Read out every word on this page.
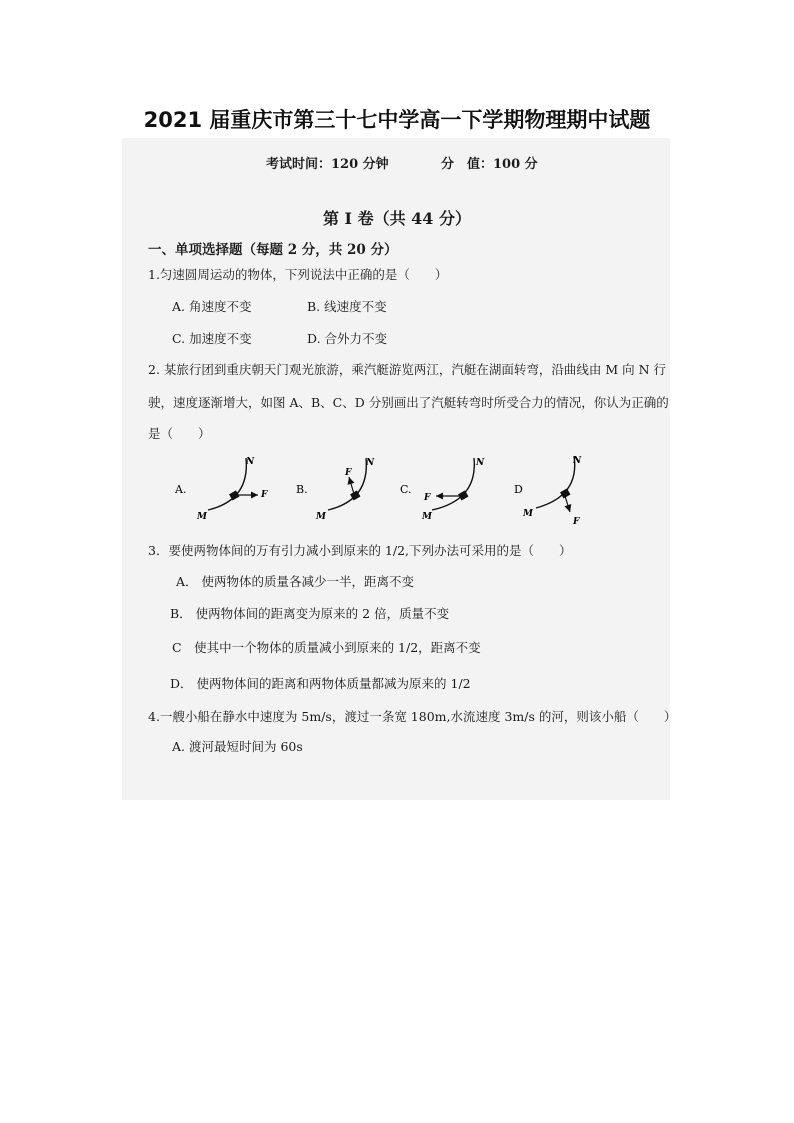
2021 届重庆市第三十七中学高一下学期物理期中试题
考试时间：120 分钟	分　值：100 分
第 I 卷（共 44 分）
一、单项选择题（每题 2 分，共 20 分）
1.匀速圆周运动的物体，下列说法中正确的是（　　）
A. 角速度不变	B. 线速度不变
C. 加速度不变	D. 合外力不变
2. 某旅行团到重庆朝天门观光旅游，乘汽艇游览两江，汽艇在湖面转弯，沿曲线由 M 向 N 行
驶，速度逐渐增大，如图 A、B、C、D 分别画出了汽艇转弯时所受合力的情况，你认为正确的
是（　　）
A.
M
N
F	B.
M
N
F
C.
M
N
F
D
M
N
F
3．要使两物体间的万有引力减小到原来的 1/2,下列办法可采用的是（　　）
A． 使两物体的质量各减少一半，距离不变
B． 使两物体间的距离变为原来的 2 倍，质量不变
C  使其中一个物体的质量减小到原来的 1/2，距离不变
D． 使两物体间的距离和两物体质量都减为原来的 1/2
4.一艘小船在静水中速度为 5m/s，渡过一条宽 180m,水流速度 3m/s 的河，则该小船（　　）
A. 渡河最短时间为 60s
